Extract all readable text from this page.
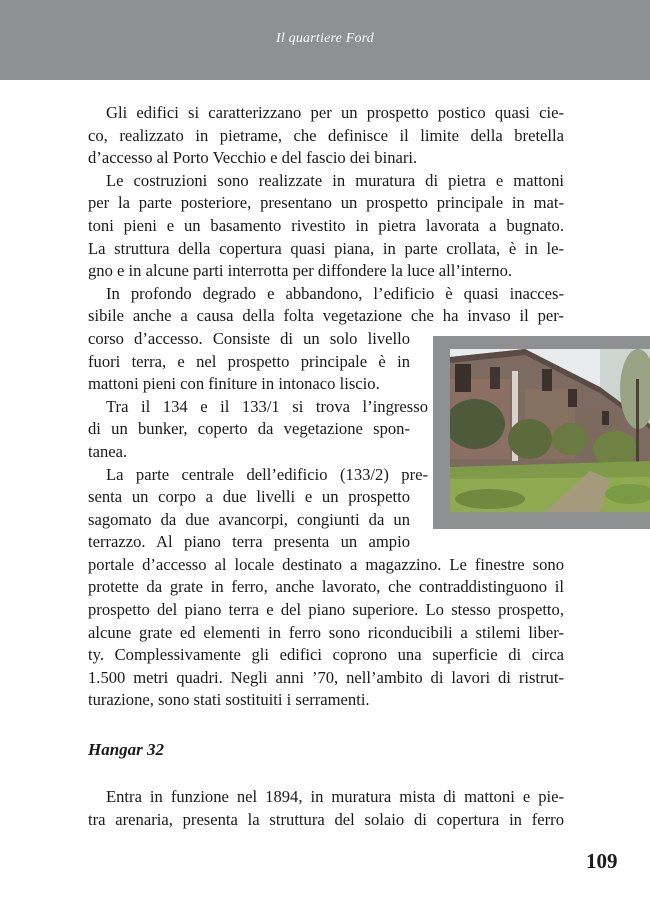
Il quartiere Ford
Gli edifici si caratterizzano per un prospetto postico quasi cie-
co, realizzato in pietrame, che definisce il limite della bretella
d’accesso al Porto Vecchio e del fascio dei binari.
Le costruzioni sono realizzate in muratura di pietra e mattoni
per la parte posteriore, presentano un prospetto principale in mat-
toni pieni e un basamento rivestito in pietra lavorata a bugnato.
La struttura della copertura quasi piana, in parte crollata, è in le-
gno e in alcune parti interrotta per diffondere la luce all’interno.
In profondo degrado e abbandono, l’edificio è quasi inacces-
sibile anche a causa della folta vegetazione che ha invaso il per-
corso d’accesso. Consiste di un solo livello
fuori terra, e nel prospetto principale è in
mattoni pieni con finiture in intonaco liscio.
Tra il 134 e il 133/1 si trova l’ingresso
di un bunker, coperto da vegetazione spon-
tanea.
La parte centrale dell’edificio (133/2) pre-
senta un corpo a due livelli e un prospetto
sagomato da due avancorpi, congiunti da un
terrazzo. Al piano terra presenta un ampio
portale d’accesso al locale destinato a magazzino. Le finestre sono
protette da grate in ferro, anche lavorato, che contraddistinguono il
prospetto del piano terra e del piano superiore. Lo stesso prospetto,
alcune grate ed elementi in ferro sono riconducibili a stilemi liber-
ty. Complessivamente gli edifici coprono una superficie di circa
1.500 metri quadri. Negli anni ’70, nell’ambito di lavori di ristrut-
turazione, sono stati sostituiti i serramenti.
Hangar 32
Entra in funzione nel 1894, in muratura mista di mattoni e pie-
tra arenaria, presenta la struttura del solaio di copertura in ferro
109
